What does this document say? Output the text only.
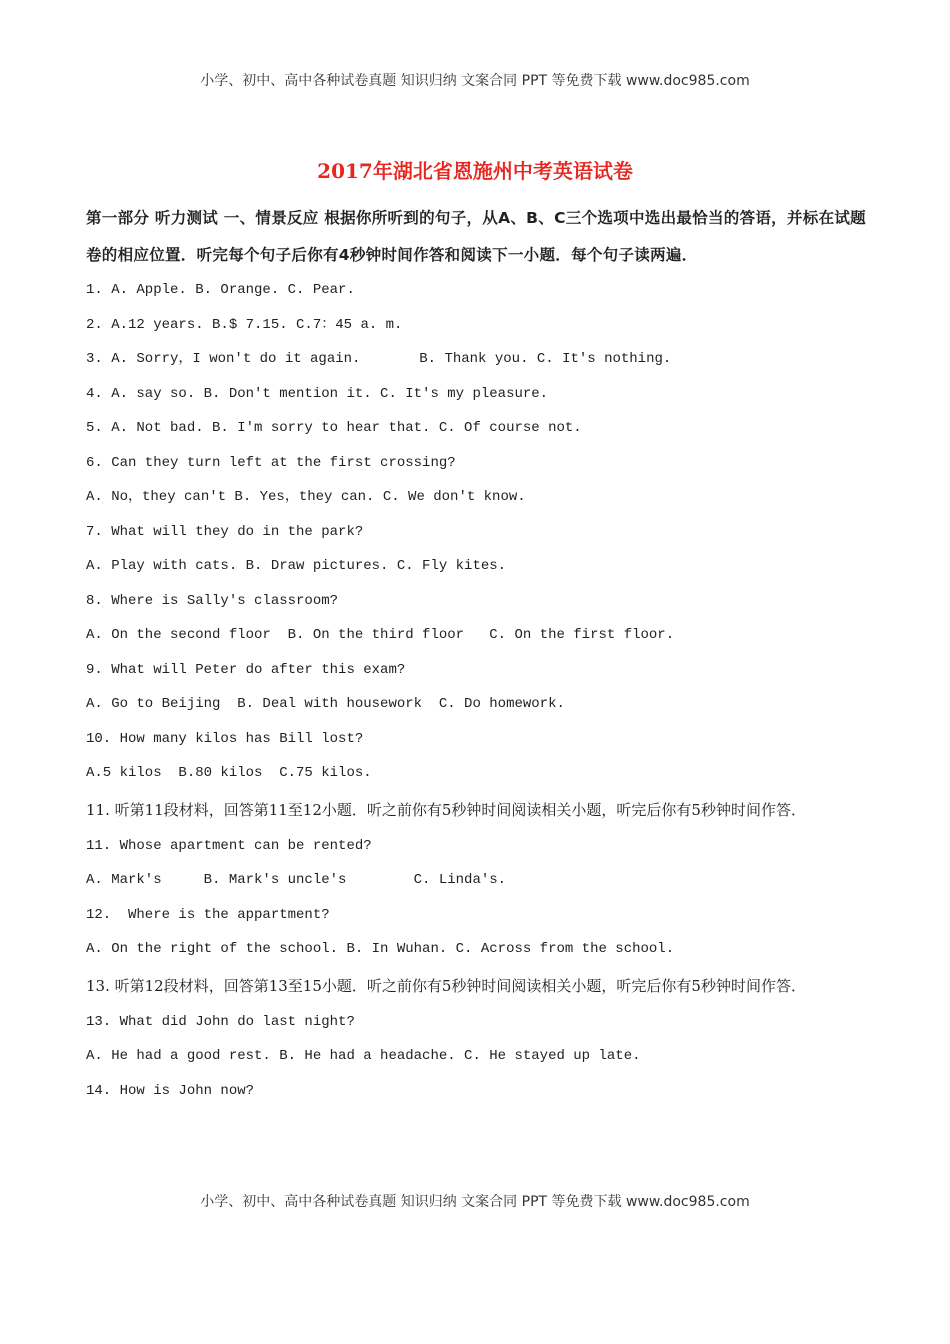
小学、初中、高中各种试卷真题 知识归纳 文案合同 PPT 等免费下载 www.doc985.com
2017年湖北省恩施州中考英语试卷
第一部分 听力测试 一、情景反应 根据你所听到的句子，从A、B、C三个选项中选出最恰当的答语，并标在试题卷的相应位置．听完每个句子后你有4秒钟时间作答和阅读下一小题．每个句子读两遍．
1. A. Apple. B. Orange. C. Pear.
2. A.12 years. B.$ 7.15. C.7：45 a. m.
3. A. Sorry，I won't do it again.       B. Thank you. C. It's nothing.
4. A. say so. B. Don't mention it. C. It's my pleasure.
5. A. Not bad. B. I'm sorry to hear that. C. Of course not.
6. Can they turn left at the first crossing?
A. No，they can't B. Yes，they can. C. We don't know.
7. What will they do in the park?
A. Play with cats. B. Draw pictures. C. Fly kites.
8. Where is Sally's classroom?
A. On the second floor  B. On the third floor   C. On the first floor.
9. What will Peter do after this exam?
A. Go to Beijing  B. Deal with housework  C. Do homework.
10. How many kilos has Bill lost?
A.5 kilos  B.80 kilos  C.75 kilos.
11. 听第11段材料，回答第11至12小题．听之前你有5秒钟时间阅读相关小题，听完后你有5秒钟时间作答．
11. Whose apartment can be rented?
A. Mark's     B. Mark's uncle's        C. Linda's.
12.  Where is the appartment?
A. On the right of the school. B. In Wuhan. C. Across from the school.
13. 听第12段材料，回答第13至15小题．听之前你有5秒钟时间阅读相关小题，听完后你有5秒钟时间作答．
13. What did John do last night?
A. He had a good rest. B. He had a headache. C. He stayed up late.
14. How is John now?
小学、初中、高中各种试卷真题 知识归纳 文案合同 PPT 等免费下载 www.doc985.com
